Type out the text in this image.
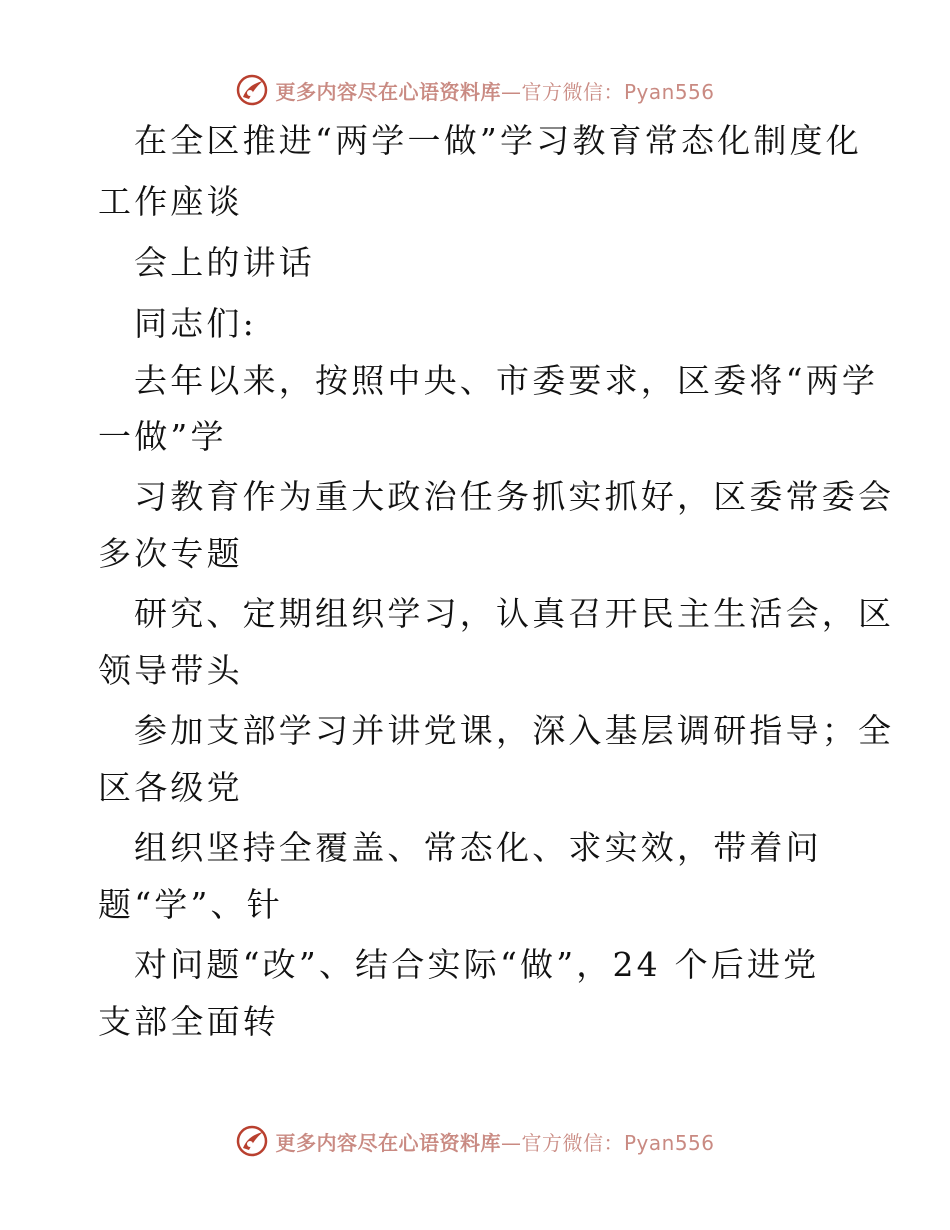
更多内容尽在心语资料库—官方微信：Pyan556
在全区推进“两学一做”学习教育常态化制度化
工作座谈
会上的讲话
同志们:
去年以来，按照中央、市委要求，区委将“两学
一做”学
习教育作为重大政治任务抓实抓好，区委常委会
多次专题
研究、定期组织学习，认真召开民主生活会，区
领导带头
参加支部学习并讲党课，深入基层调研指导；全
区各级党
组织坚持全覆盖、常态化、求实效，带着问
题“学”、针
对问题“改”、结合实际“做”，24 个后进党
支部全面转
更多内容尽在心语资料库—官方微信：Pyan556
